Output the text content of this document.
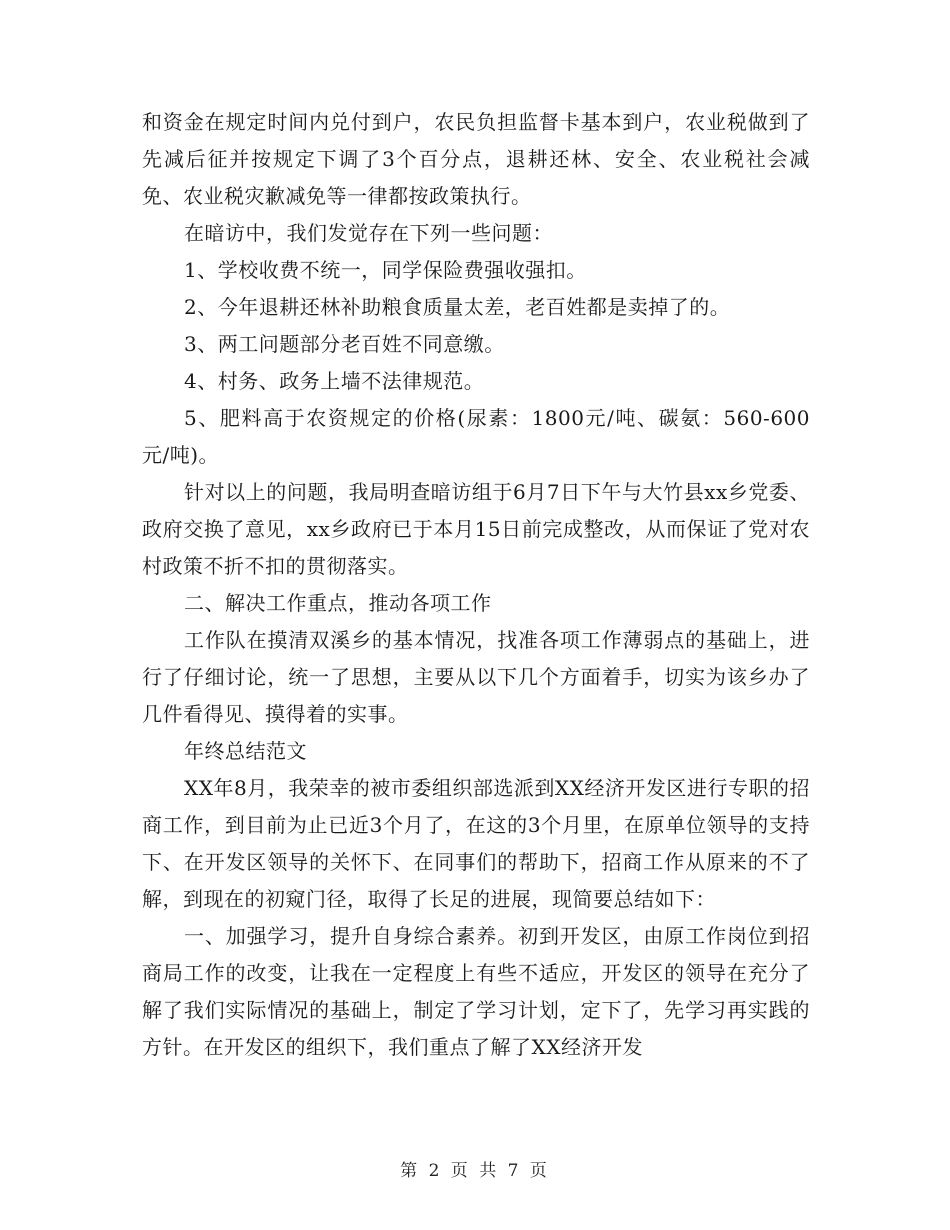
和资金在规定时间内兑付到户，农民负担监督卡基本到户，农业税做到了先减后征并按规定下调了3个百分点，退耕还林、安全、农业税社会减免、农业税灾歉减免等一律都按政策执行。

在暗访中，我们发觉存在下列一些问题：

1、学校收费不统一，同学保险费强收强扣。

2、今年退耕还林补助粮食质量太差，老百姓都是卖掉了的。

3、两工问题部分老百姓不同意缴。

4、村务、政务上墙不法律规范。

5、肥料高于农资规定的价格(尿素：1800元/吨、碳氨：560-600元/吨)。

针对以上的问题，我局明查暗访组于6月7日下午与大竹县xx乡党委、政府交换了意见，xx乡政府已于本月15日前完成整改，从而保证了党对农村政策不折不扣的贯彻落实。

二、解决工作重点，推动各项工作

工作队在摸清双溪乡的基本情况，找准各项工作薄弱点的基础上，进行了仔细讨论，统一了思想，主要从以下几个方面着手，切实为该乡办了几件看得见、摸得着的实事。

年终总结范文

XX年8月，我荣幸的被市委组织部选派到XX经济开发区进行专职的招商工作，到目前为止已近3个月了，在这的3个月里，在原单位领导的支持下、在开发区领导的关怀下、在同事们的帮助下，招商工作从原来的不了解，到现在的初窥门径，取得了长足的进展，现简要总结如下：

一、加强学习，提升自身综合素养。初到开发区，由原工作岗位到招商局工作的改变，让我在一定程度上有些不适应，开发区的领导在充分了解了我们实际情况的基础上，制定了学习计划，定下了，先学习再实践的方针。在开发区的组织下，我们重点了解了XX经济开发

第 2 页 共 7 页
